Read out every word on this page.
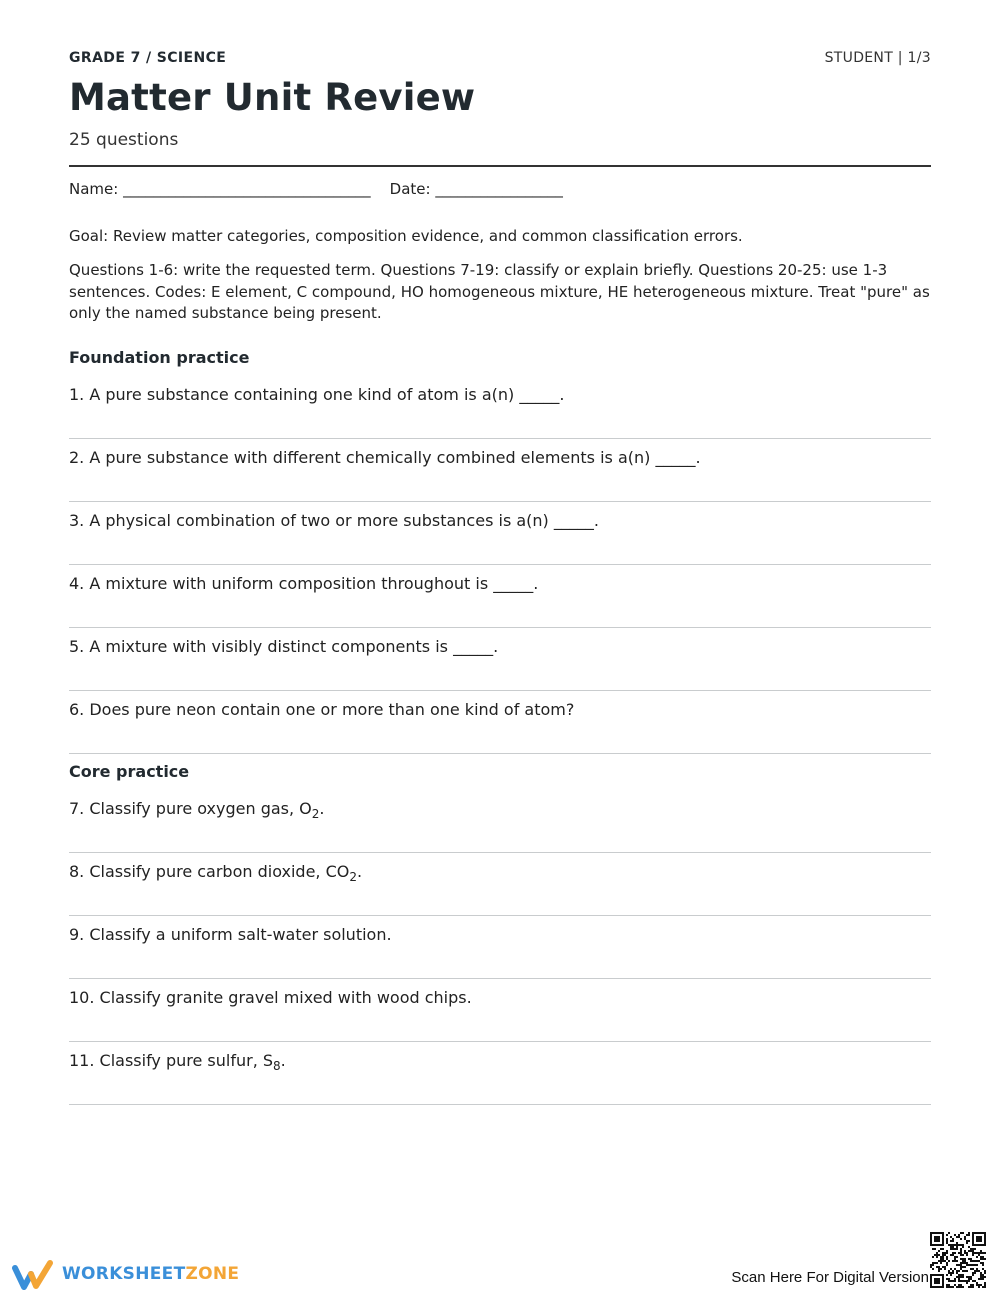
GRADE 7 / SCIENCE	STUDENT | 1/3
Matter Unit Review
25 questions
Name: _________________________________    Date: _________________
Goal: Review matter categories, composition evidence, and common classification errors.
Questions 1-6: write the requested term. Questions 7-19: classify or explain briefly. Questions 20-25: use 1-3 sentences. Codes: E element, C compound, HO homogeneous mixture, HE heterogeneous mixture. Treat "pure" as only the named substance being present.
Foundation practice
1. A pure substance containing one kind of atom is a(n) _____.
2. A pure substance with different chemically combined elements is a(n) _____.
3. A physical combination of two or more substances is a(n) _____.
4. A mixture with uniform composition throughout is _____.
5. A mixture with visibly distinct components is _____.
6. Does pure neon contain one or more than one kind of atom?
Core practice
7. Classify pure oxygen gas, $O_2$.
8. Classify pure carbon dioxide, $CO_2$.
9. Classify a uniform salt-water solution.
10. Classify granite gravel mixed with wood chips.
11. Classify pure sulfur, $S_8$.
WORKSHEETZONE	Scan Here For Digital Version
